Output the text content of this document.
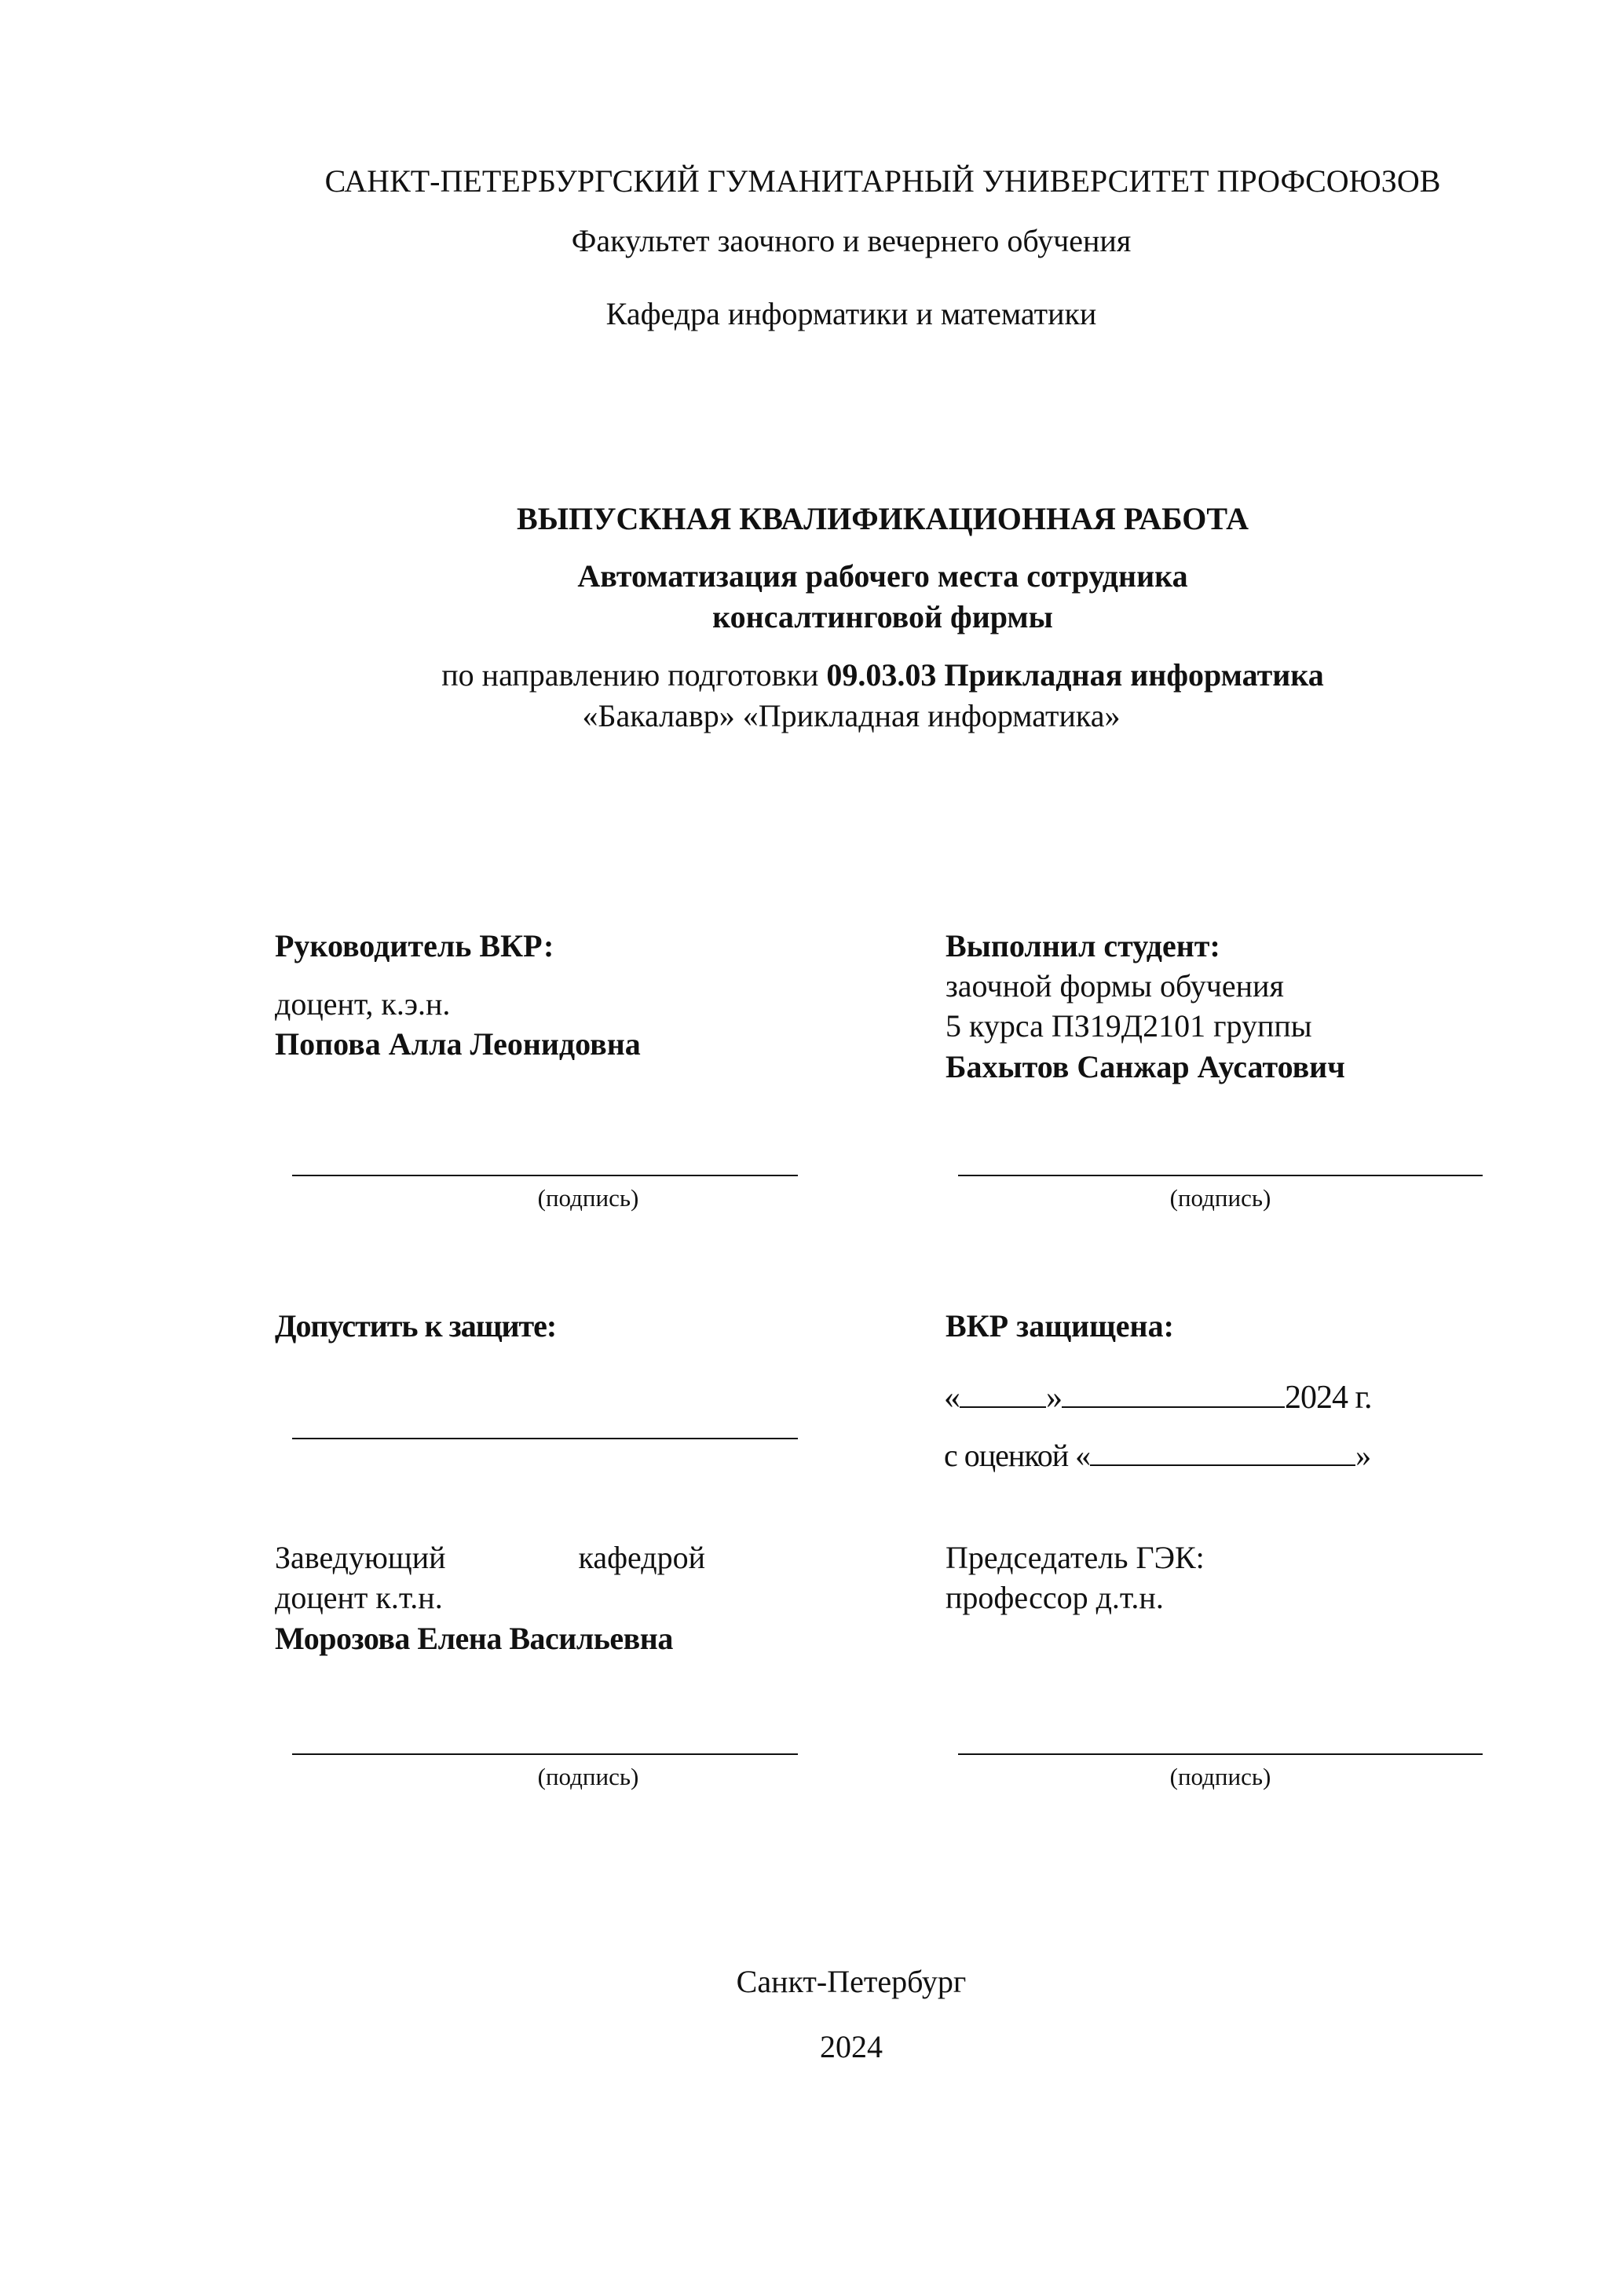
САНКТ-ПЕТЕРБУРГСКИЙ ГУМАНИТАРНЫЙ УНИВЕРСИТЕТ ПРОФСОЮЗОВ
Факультет заочного и вечернего обучения
Кафедра информатики и математики
ВЫПУСКНАЯ КВАЛИФИКАЦИОННАЯ РАБОТА
Автоматизация рабочего места сотрудника
консалтинговой фирмы
по направлению подготовки 09.03.03 Прикладная информатика
«Бакалавр» «Прикладная информатика»
Руководитель ВКР:
доцент, к.э.н.
Попова Алла Леонидовна
(подпись)
Выполнил студент:
заочной формы обучения
5 курса ПЗ19Д2101 группы
Бахытов Санжар Аусатович
(подпись)
Допустить к защите:	ВКР защищена:
«	»	2024 г.
с оценкой «	»
Заведующий	кафедрой
доцент к.т.н.
Морозова Елена Васильевна
(подпись)
Председатель ГЭК:
профессор д.т.н.
(подпись)
Санкт-Петербург
2024
